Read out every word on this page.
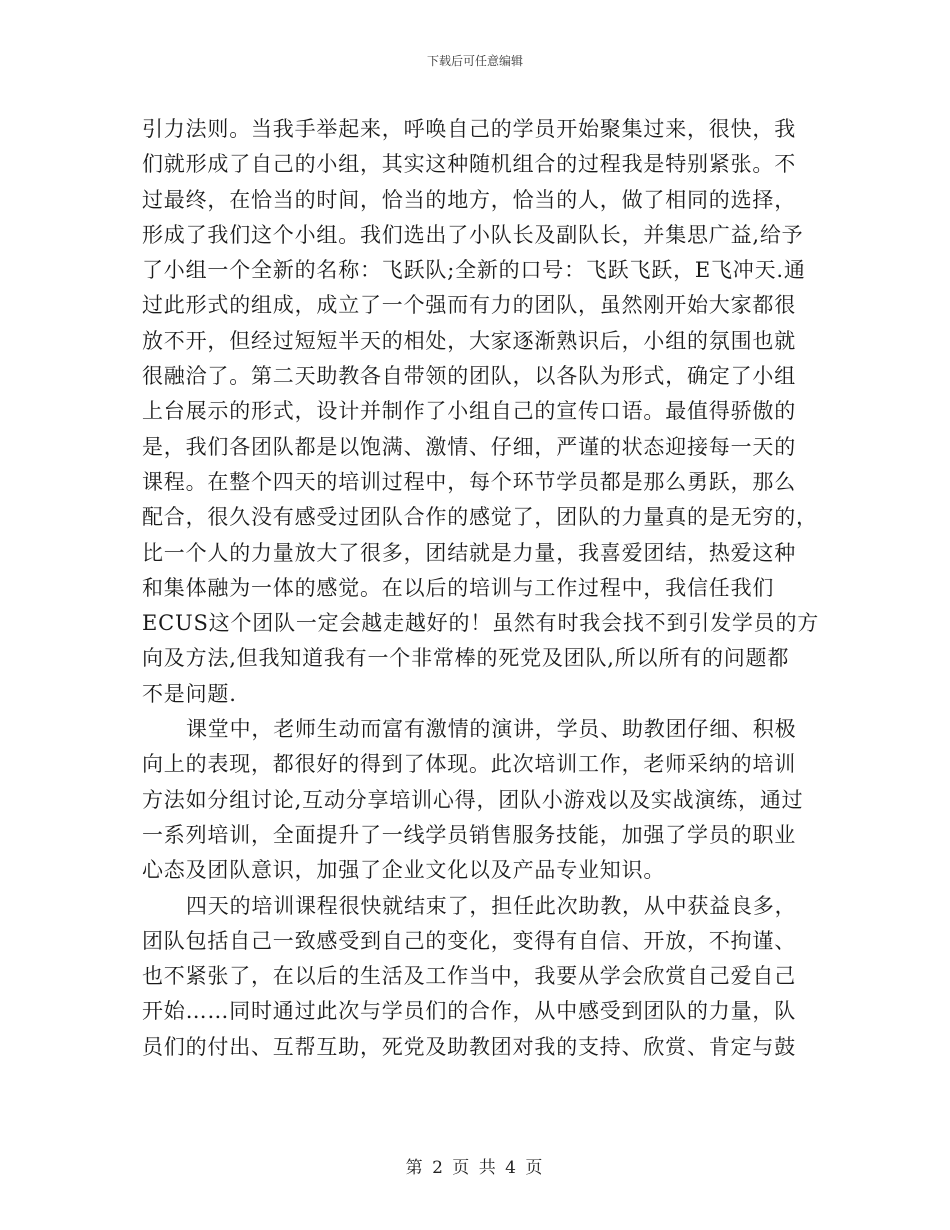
下载后可任意编辑
引力法则。当我手举起来，呼唤自己的学员开始聚集过来，很快，我
们就形成了自己的小组，其实这种随机组合的过程我是特别紧张。不
过最终，在恰当的时间，恰当的地方，恰当的人，做了相同的选择，
形成了我们这个小组。我们选出了小队长及副队长，并集思广益,给予
了小组一个全新的名称：飞跃队;全新的口号：飞跃飞跃，E飞冲天.通
过此形式的组成，成立了一个强而有力的团队，虽然刚开始大家都很
放不开，但经过短短半天的相处，大家逐渐熟识后，小组的氛围也就
很融洽了。第二天助教各自带领的团队，以各队为形式，确定了小组
上台展示的形式，设计并制作了小组自己的宣传口语。最值得骄傲的
是，我们各团队都是以饱满、激情、仔细，严谨的状态迎接每一天的
课程。在整个四天的培训过程中，每个环节学员都是那么勇跃，那么
配合，很久没有感受过团队合作的感觉了，团队的力量真的是无穷的，
比一个人的力量放大了很多，团结就是力量，我喜爱团结，热爱这种
和集体融为一体的感觉。在以后的培训与工作过程中，我信任我们
ECUS这个团队一定会越走越好的！虽然有时我会找不到引发学员的方
向及方法,但我知道我有一个非常棒的死党及团队,所以所有的问题都
不是问题.
课堂中，老师生动而富有激情的演讲，学员、助教团仔细、积极
向上的表现，都很好的得到了体现。此次培训工作，老师采纳的培训
方法如分组讨论,互动分享培训心得，团队小游戏以及实战演练，通过
一系列培训，全面提升了一线学员销售服务技能，加强了学员的职业
心态及团队意识，加强了企业文化以及产品专业知识。
四天的培训课程很快就结束了，担任此次助教，从中获益良多，
团队包括自己一致感受到自己的变化，变得有自信、开放，不拘谨、
也不紧张了，在以后的生活及工作当中，我要从学会欣赏自己爱自己
开始……同时通过此次与学员们的合作，从中感受到团队的力量，队
员们的付出、互帮互助，死党及助教团对我的支持、欣赏、肯定与鼓
第 2 页 共 4 页
